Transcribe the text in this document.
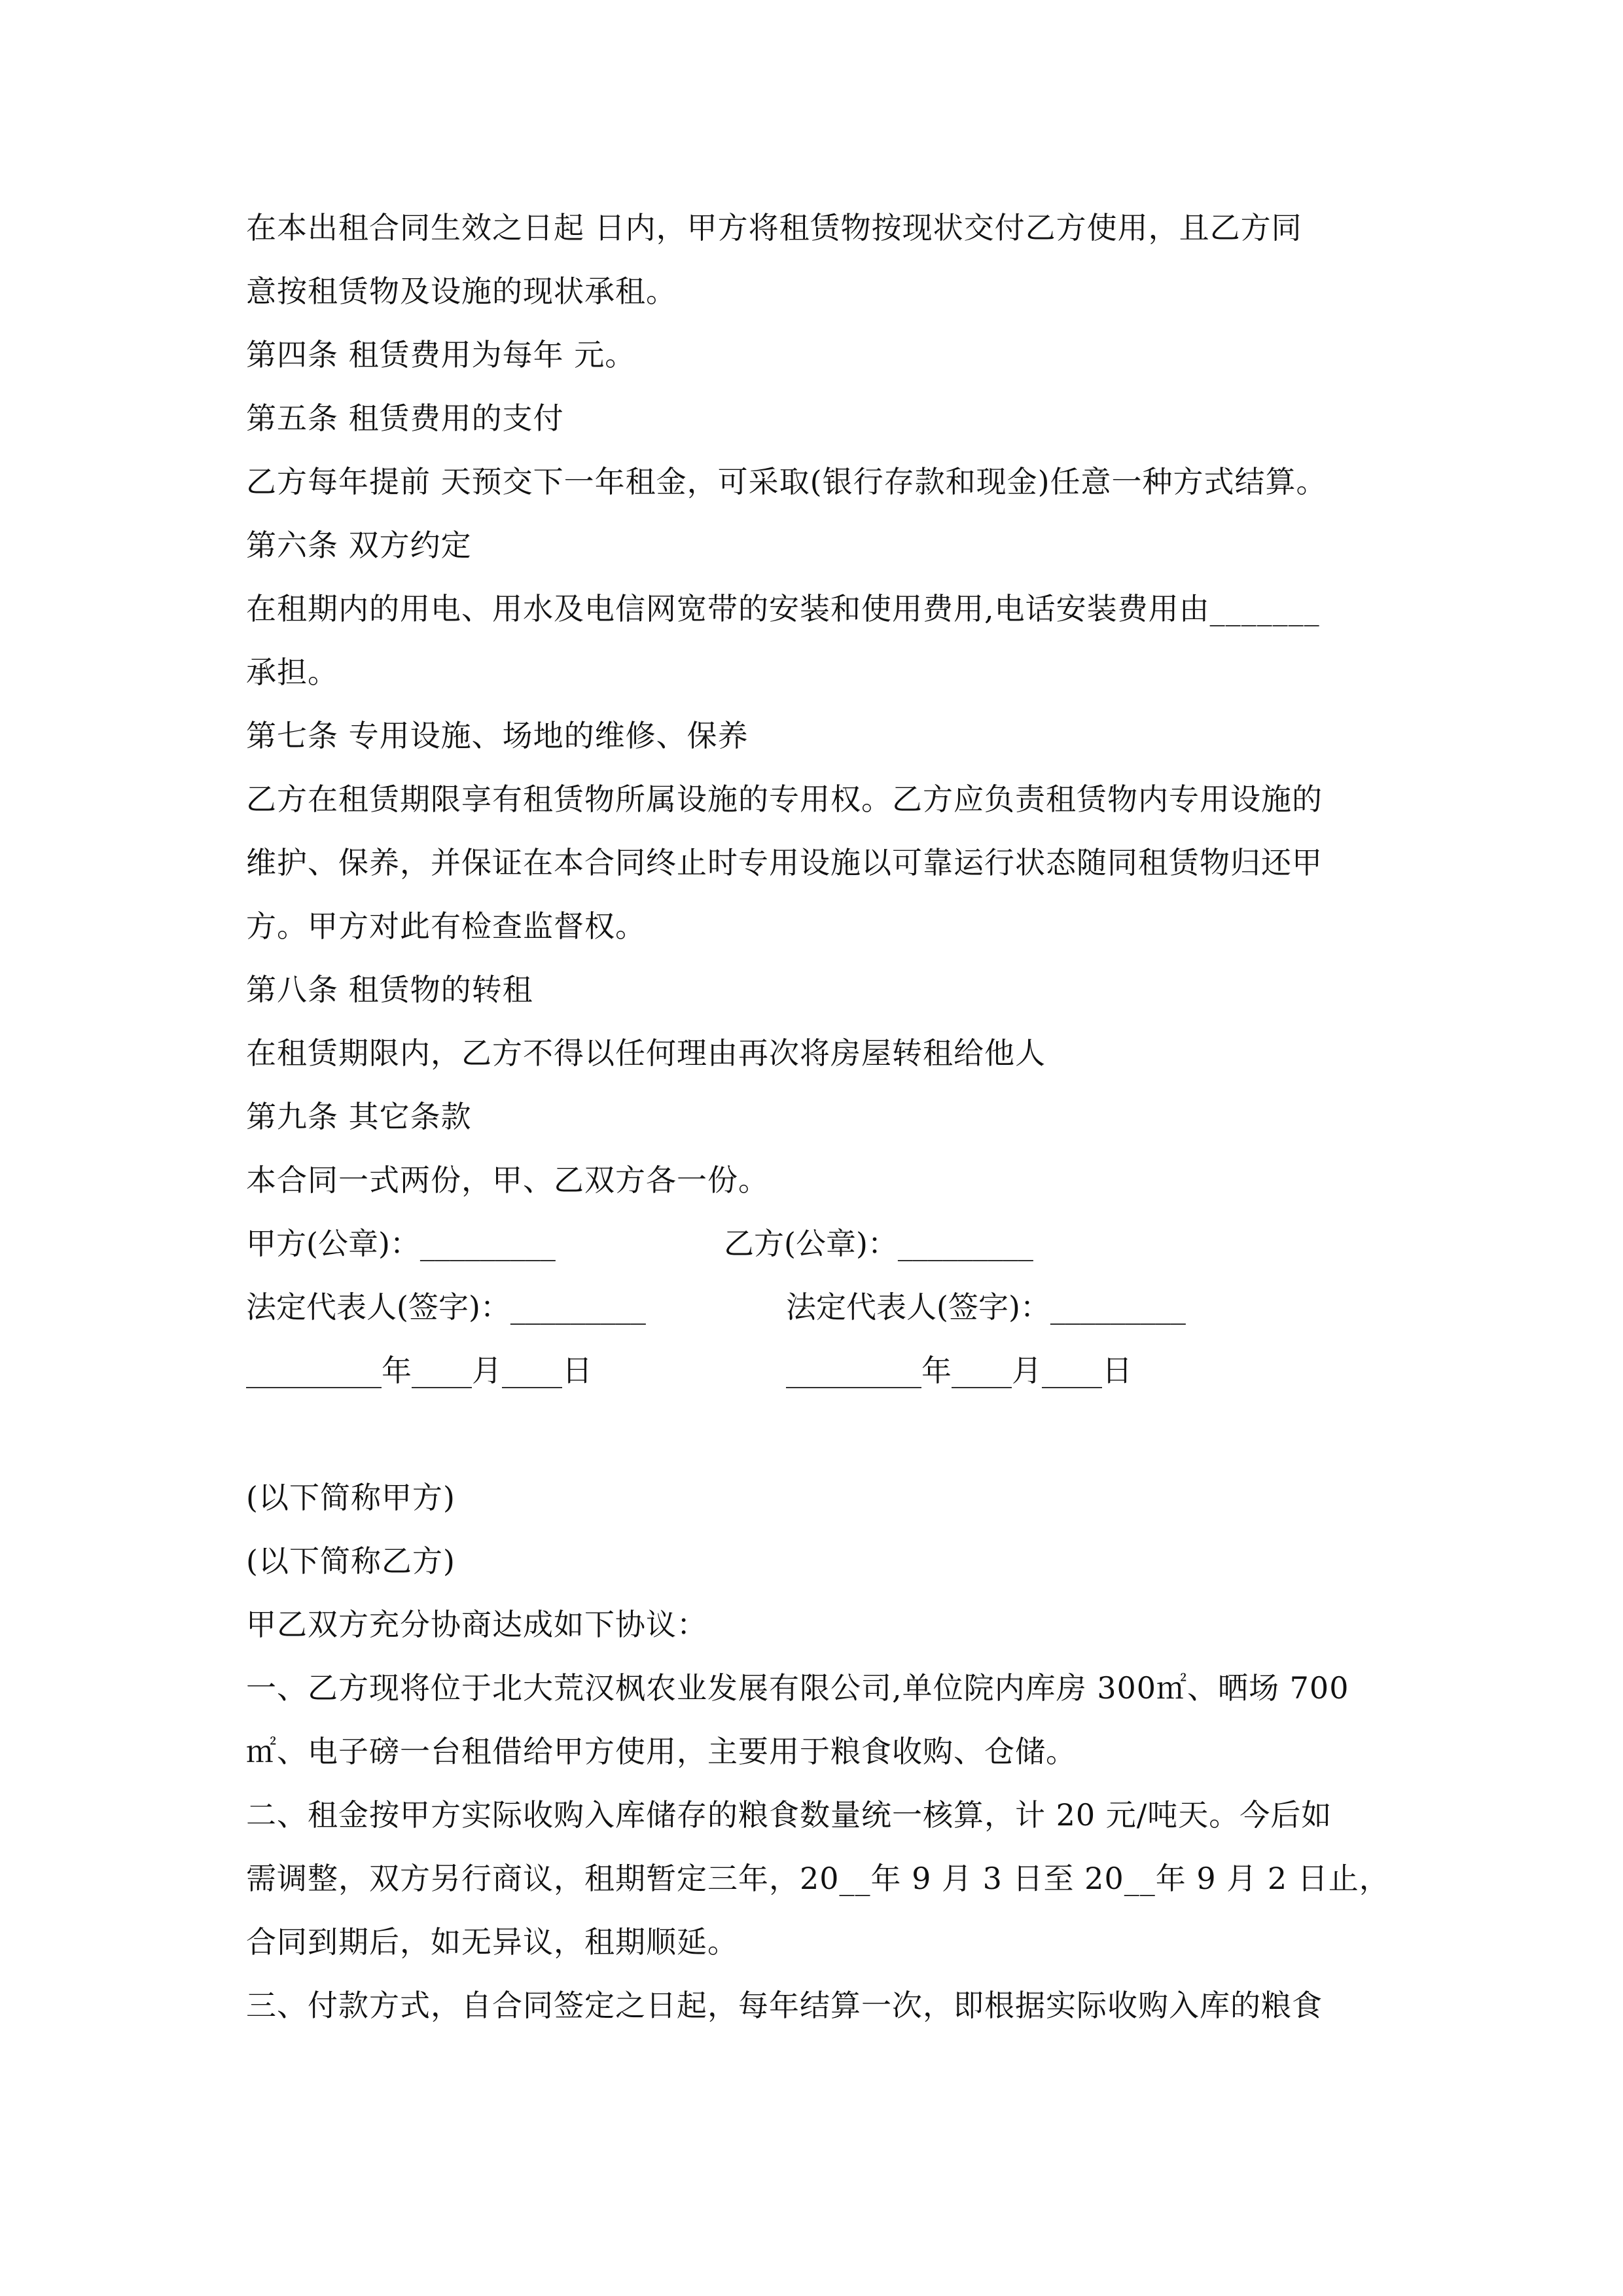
在本出租合同生效之日起 日内，甲方将租赁物按现状交付乙方使用，且乙方同
意按租赁物及设施的现状承租。
第四条 租赁费用为每年 元。
第五条 租赁费用的支付
乙方每年提前 天预交下一年租金，可采取(银行存款和现金)任意一种方式结算。
第六条 双方约定
在租期内的用电、用水及电信网宽带的安装和使用费用,电话安装费用由_______
承担。
第七条 专用设施、场地的维修、保养
乙方在租赁期限享有租赁物所属设施的专用权。乙方应负责租赁物内专用设施的
维护、保养，并保证在本合同终止时专用设施以可靠运行状态随同租赁物归还甲
方。甲方对此有检查监督权。
第八条 租赁物的转租
在租赁期限内，乙方不得以任何理由再次将房屋转租给他人
第九条 其它条款
本合同一式两份，甲、乙双方各一份。
甲方(公章)：_________	乙方(公章)：_________
法定代表人(签字)：_________	法定代表人(签字)：_________
_________年____月____日	_________年____月____日
(以下简称甲方)
(以下简称乙方)
甲乙双方充分协商达成如下协议：
一、乙方现将位于北大荒汉枫农业发展有限公司,单位院内库房 300㎡、晒场 700
㎡、电子磅一台租借给甲方使用，主要用于粮食收购、仓储。
二、租金按甲方实际收购入库储存的粮食数量统一核算，计 20 元/吨天。今后如
需调整，双方另行商议，租期暂定三年，20__年 9 月 3 日至 20__年 9 月 2 日止，
合同到期后，如无异议，租期顺延。
三、付款方式，自合同签定之日起，每年结算一次，即根据实际收购入库的粮食
